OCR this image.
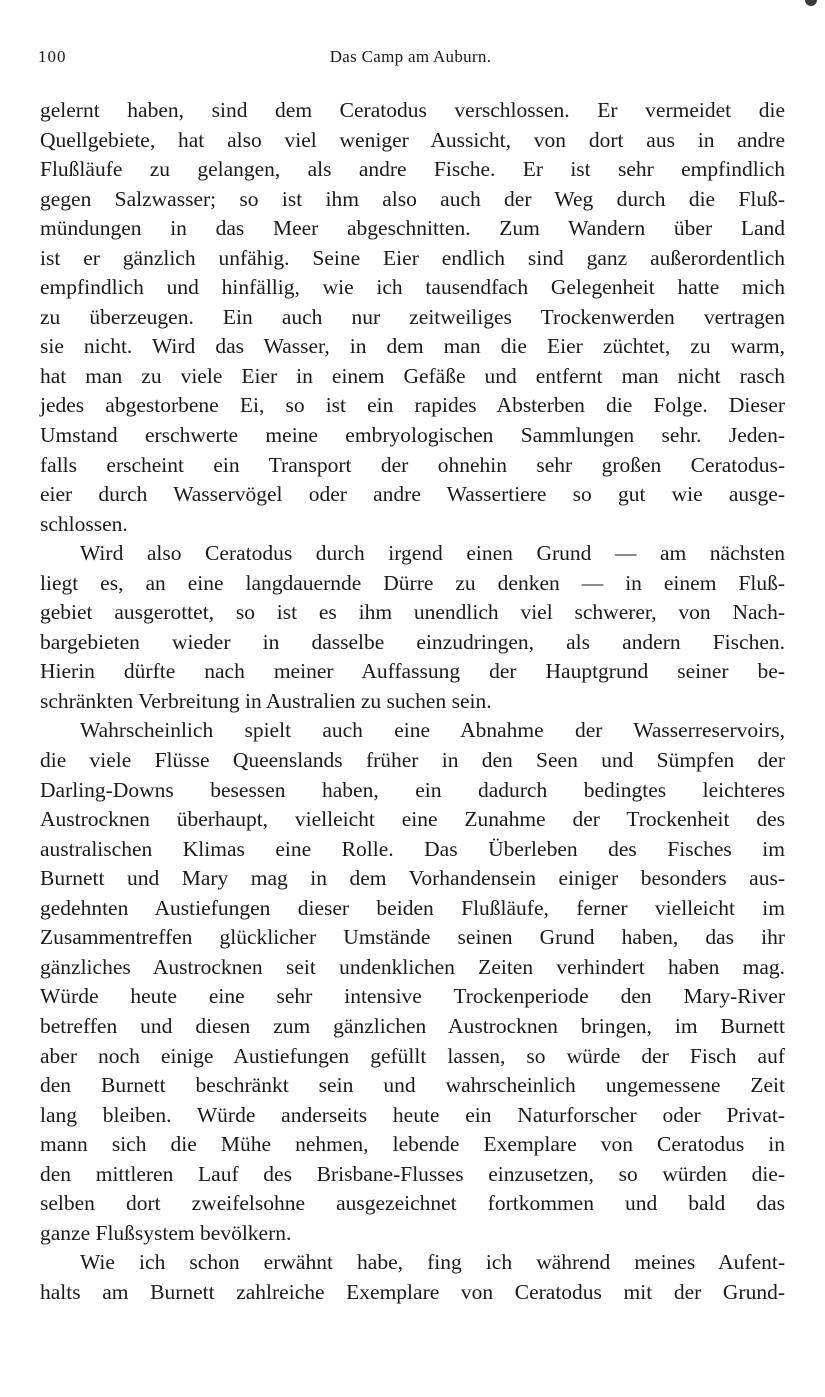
100	Das Camp am Auburn.
gelernt haben, sind dem Ceratodus verschlossen. Er vermeidet die
Quellgebiete, hat also viel weniger Aussicht, von dort aus in andre
Flußläufe zu gelangen, als andre Fische. Er ist sehr empfindlich
gegen Salzwasser; so ist ihm also auch der Weg durch die Fluß-
mündungen in das Meer abgeschnitten. Zum Wandern über Land
ist er gänzlich unfähig. Seine Eier endlich sind ganz außerordentlich
empfindlich und hinfällig, wie ich tausendfach Gelegenheit hatte mich
zu überzeugen. Ein auch nur zeitweiliges Trockenwerden vertragen
sie nicht. Wird das Wasser, in dem man die Eier züchtet, zu warm,
hat man zu viele Eier in einem Gefäße und entfernt man nicht rasch
jedes abgestorbene Ei, so ist ein rapides Absterben die Folge. Dieser
Umstand erschwerte meine embryologischen Sammlungen sehr. Jeden-
falls erscheint ein Transport der ohnehin sehr großen Ceratodus-
eier durch Wasservögel oder andre Wassertiere so gut wie ausge-
schlossen.
Wird also Ceratodus durch irgend einen Grund — am nächsten
liegt es, an eine langdauernde Dürre zu denken — in einem Fluß-
gebiet ausgerottet, so ist es ihm unendlich viel schwerer, von Nach-
bargebieten wieder in dasselbe einzudringen, als andern Fischen.
Hierin dürfte nach meiner Auffassung der Hauptgrund seiner be-
schränkten Verbreitung in Australien zu suchen sein.
Wahrscheinlich spielt auch eine Abnahme der Wasserreservoirs,
die viele Flüsse Queenslands früher in den Seen und Sümpfen der
Darling-Downs besessen haben, ein dadurch bedingtes leichteres
Austrocknen überhaupt, vielleicht eine Zunahme der Trockenheit des
australischen Klimas eine Rolle. Das Überleben des Fisches im
Burnett und Mary mag in dem Vorhandensein einiger besonders aus-
gedehnten Austiefungen dieser beiden Flußläufe, ferner vielleicht im
Zusammentreffen glücklicher Umstände seinen Grund haben, das ihr
gänzliches Austrocknen seit undenklichen Zeiten verhindert haben mag.
Würde heute eine sehr intensive Trockenperiode den Mary-River
betreffen und diesen zum gänzlichen Austrocknen bringen, im Burnett
aber noch einige Austiefungen gefüllt lassen, so würde der Fisch auf
den Burnett beschränkt sein und wahrscheinlich ungemessene Zeit
lang bleiben. Würde anderseits heute ein Naturforscher oder Privat-
mann sich die Mühe nehmen, lebende Exemplare von Ceratodus in
den mittleren Lauf des Brisbane-Flusses einzusetzen, so würden die-
selben dort zweifelsohne ausgezeichnet fortkommen und bald das
ganze Flußsystem bevölkern.
Wie ich schon erwähnt habe, fing ich während meines Aufent-
halts am Burnett zahlreiche Exemplare von Ceratodus mit der Grund-
